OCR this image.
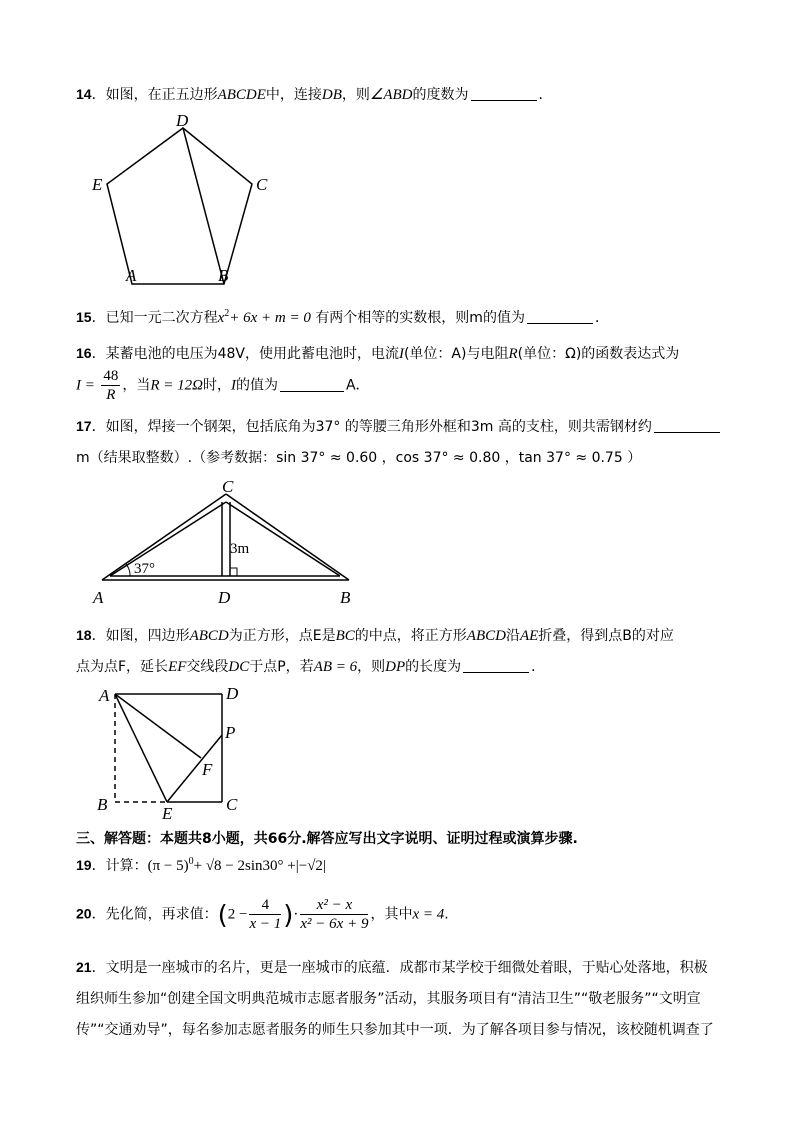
14．如图，在正五边形ABCDE中，连接DB，则∠ABD的度数为	．
D
C
E
A	B
15．已知一元二次方程$x^2+ 6x + m = 0$ 有两个相等的实数根，则m的值为	．
16．某蓄电池的电压为48V，使用此蓄电池时，电流I(单位：A)与电阻R(单位：Ω)的函数表达式为
$I = \frac{48}{R}$ ，当R = 12Ω时，I的值为	A．
17．如图，焊接一个钢架，包括底角为37° 的等腰三角形外框和3m 高的支柱，则共需钢材约
m（结果取整数）.（参考数据：sin 37° ≈ 0.60 ，cos 37° ≈ 0.80 ，tan 37° ≈ 0.75 ）
37°
3m
C
A	D	B
18．如图，四边形ABCD为正方形，点E是BC的中点，将正方形ABCD沿AE折叠，得到点B的对应
点为点F，延长EF交线段DC于点P，若AB = 6，则DP的长度为	．
A	D
P
F
B	E	C
三、解答题：本题共8小题，共66分.解答应写出文字说明、证明过程或演算步骤.
19．计算：$(\pi - 5)^0+ √8 - 2\sin 30^\circ +|-√2|$
20．先化简，再求值：($2 - \frac{4}{x - 1}$ )· $\frac{\text{x² − x}}{\text{x² − 6x + 9}}$ ，其中x = 4.
21．文明是一座城市的名片，更是一座城市的底蕴．成都市某学校于细微处着眼，于贴心处落地，积极
组织师生参加“创建全国文明典范城市志愿者服务”活动，其服务项目有“清洁卫生”“敬老服务”“文明宣
传”“交通劝导”，每名参加志愿者服务的师生只参加其中一项．为了解各项目参与情况，该校随机调查了
